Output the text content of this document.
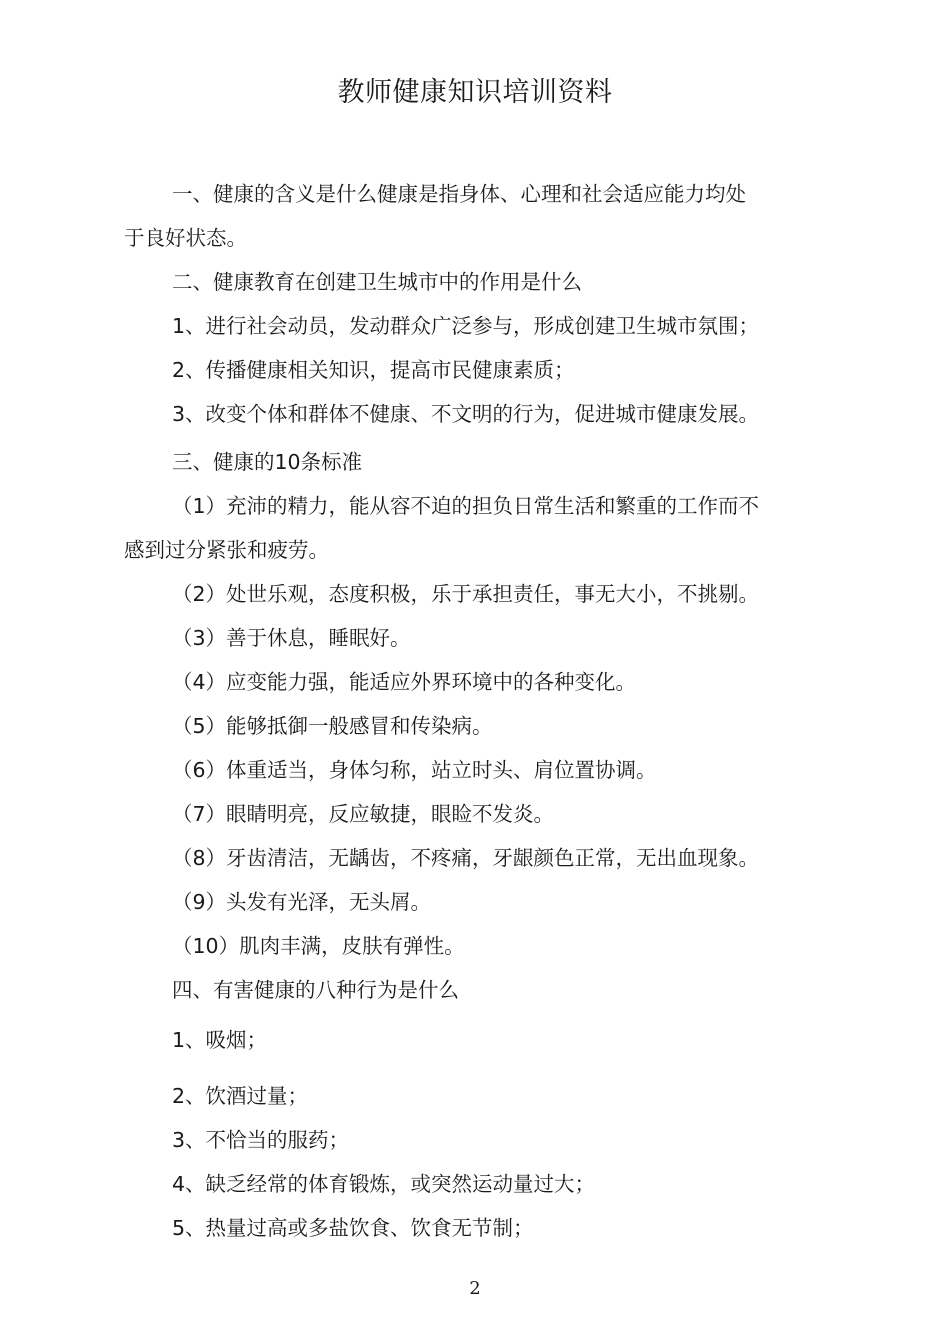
教师健康知识培训资料
一、健康的含义是什么健康是指身体、心理和社会适应能力均处
于良好状态。
二、健康教育在创建卫生城市中的作用是什么
1、进行社会动员，发动群众广泛参与，形成创建卫生城市氛围；
2、传播健康相关知识，提高市民健康素质；
3、改变个体和群体不健康、不文明的行为，促进城市健康发展。
三、健康的10条标准
（1）充沛的精力，能从容不迫的担负日常生活和繁重的工作而不
感到过分紧张和疲劳。
（2）处世乐观，态度积极，乐于承担责任，事无大小，不挑剔。
（3）善于休息，睡眠好。
（4）应变能力强，能适应外界环境中的各种变化。
（5）能够抵御一般感冒和传染病。
（6）体重适当，身体匀称，站立时头、肩位置协调。
（7）眼睛明亮，反应敏捷，眼睑不发炎。
（8）牙齿清洁，无龋齿，不疼痛，牙龈颜色正常，无出血现象。
（9）头发有光泽，无头屑。
（10）肌肉丰满，皮肤有弹性。
四、有害健康的八种行为是什么
1、吸烟；
2、饮酒过量；
3、不恰当的服药；
4、缺乏经常的体育锻炼，或突然运动量过大；
5、热量过高或多盐饮食、饮食无节制；
2
